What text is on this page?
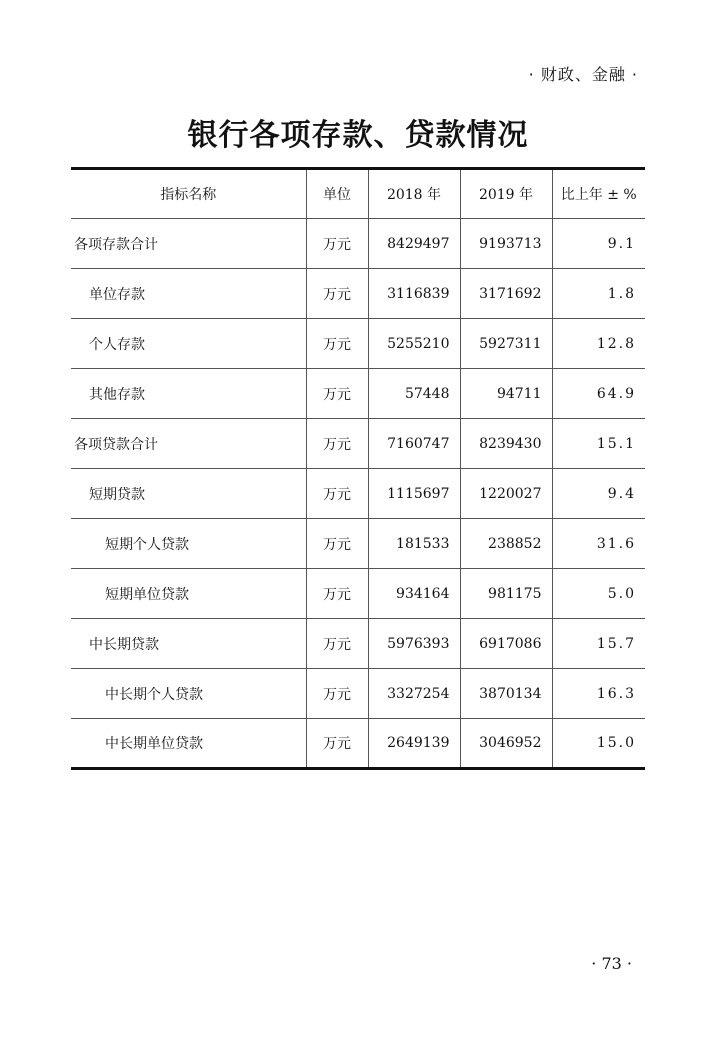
· 财政、金融 ·
银行各项存款、贷款情况
指标名称	单位	2018 年	2019 年	比上年 ± %
各项存款合计	万元	8429497	9193713	9.1
单位存款	万元	3116839	3171692	1.8
个人存款	万元	5255210	5927311	12.8
其他存款	万元	57448	94711	64.9
各项贷款合计	万元	7160747	8239430	15.1
短期贷款	万元	1115697	1220027	9.4
短期个人贷款	万元	181533	238852	31.6
短期单位贷款	万元	934164	981175	5.0
中长期贷款	万元	5976393	6917086	15.7
中长期个人贷款	万元	3327254	3870134	16.3
中长期单位贷款	万元	2649139	3046952	15.0
· 73 ·
